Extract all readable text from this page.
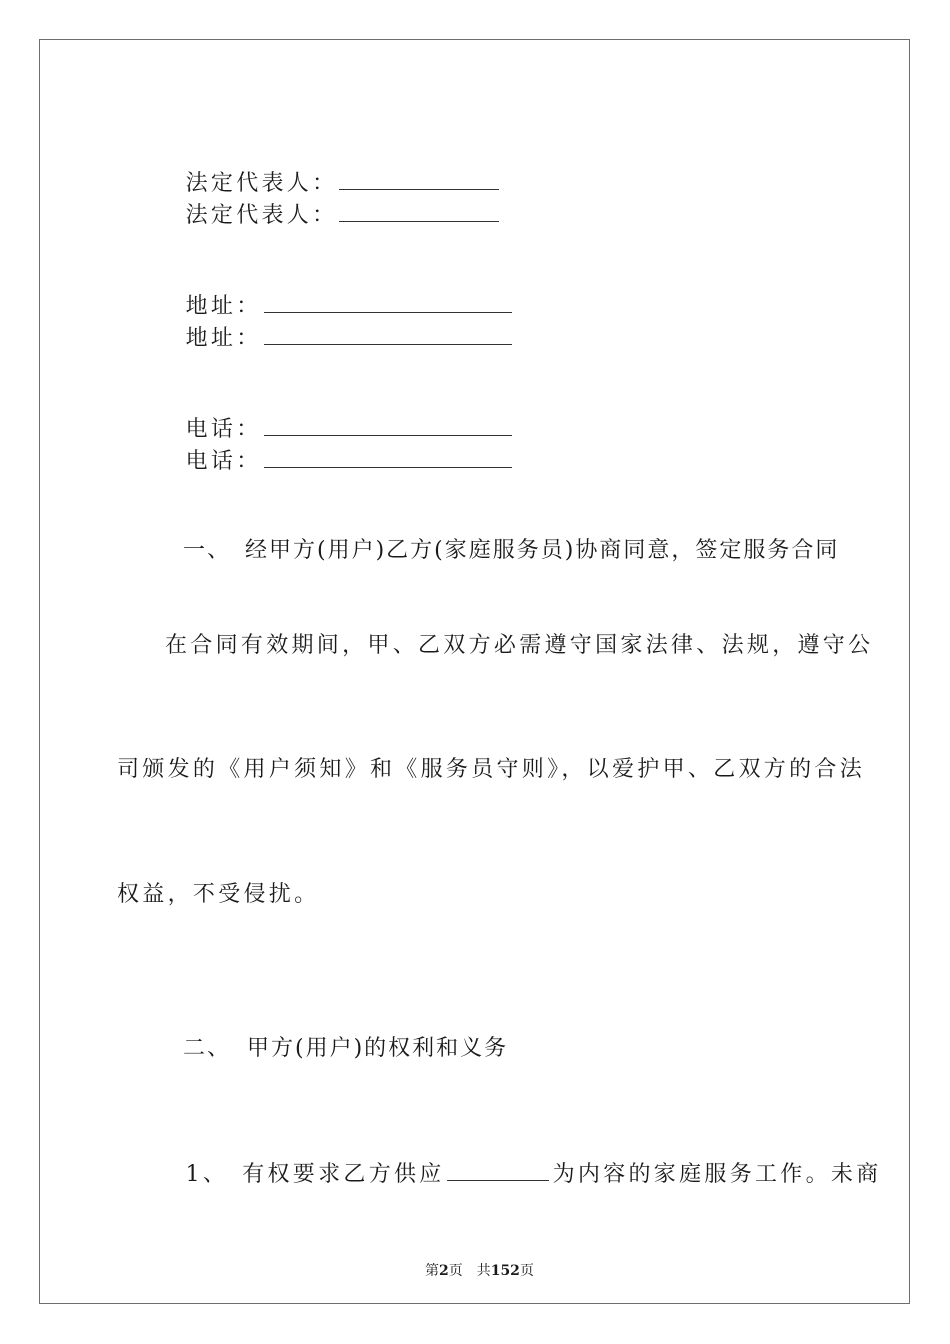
法定代表人：
法定代表人：

地址：
地址：

电话：
电话：

一、 经甲方(用户)乙方(家庭服务员)协商同意，签定服务合同

在合同有效期间，甲、乙双方必需遵守国家法律、法规，遵守公
司颁发的《用户须知》和《服务员守则》，以爱护甲、乙双方的合法
权益，不受侵扰。

二、 甲方(用户)的权利和义务

1、 有权要求乙方供应	为内容的家庭服务工作。未商

第2页 共152页
